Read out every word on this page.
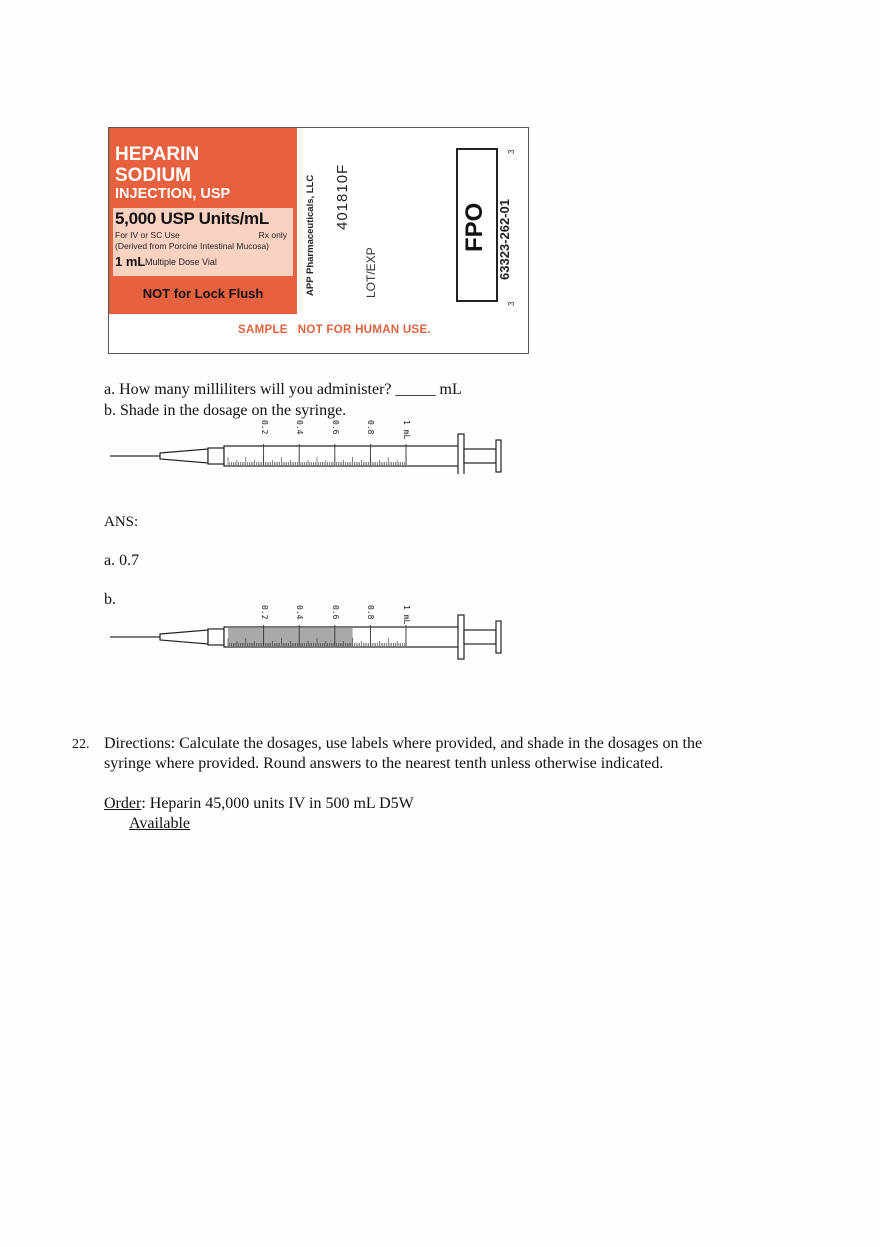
HEPARIN
SODIUM
INJECTION, USP
5,000 USP Units/mL
For IV or SC Use	Rx only
(Derived from Porcine Intestinal Mucosa)
1 mL Multiple Dose Vial
NOT for Lock Flush	APP Pharmaceuticals, LLC 401810F
LOT/EXP
FPO 63323-262-01
3
3
SAMPLE NOT FOR HUMAN USE.
a. How many milliliters will you administer? _____ mL
b. Shade in the dosage on the syringe.
0.2	0.4	0.6	0.8	1 mL
ANS:
a. 0.7
b.
0.2	0.4	0.6	0.8	1 mL
22. Directions: Calculate the dosages, use labels where provided, and shade in the dosages on the
syringe where provided. Round answers to the nearest tenth unless otherwise indicated.
Order: Heparin 45,000 units IV in 500 mL D5W
Available
